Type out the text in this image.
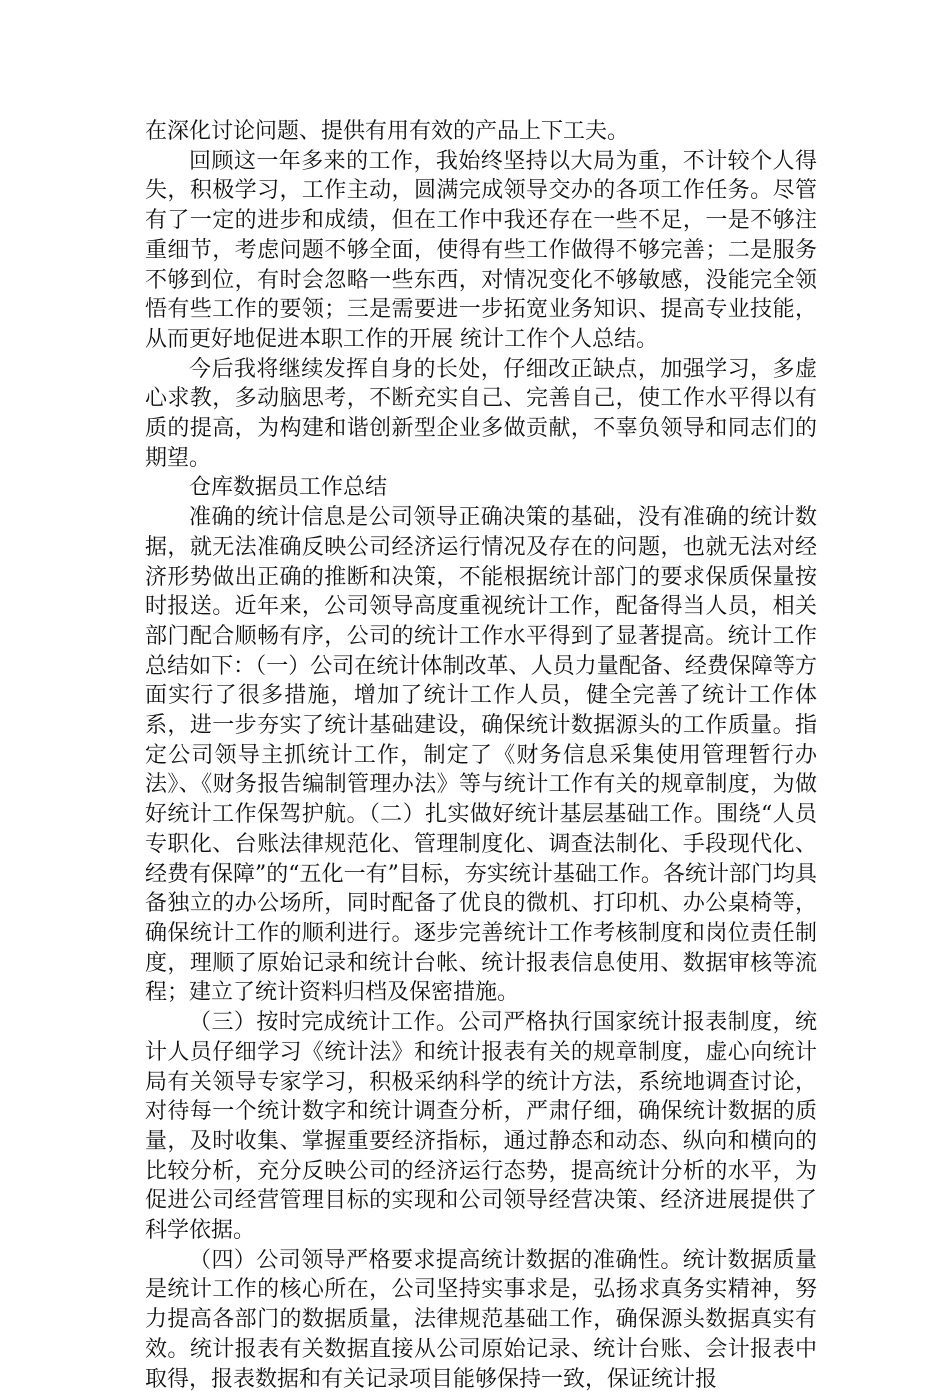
在深化讨论问题、提供有用有效的产品上下工夫。

回顾这一年多来的工作，我始终坚持以大局为重，不计较个人得失，积极学习，工作主动，圆满完成领导交办的各项工作任务。尽管有了一定的进步和成绩，但在工作中我还存在一些不足，一是不够注重细节，考虑问题不够全面，使得有些工作做得不够完善；二是服务不够到位，有时会忽略一些东西，对情况变化不够敏感，没能完全领悟有些工作的要领；三是需要进一步拓宽业务知识、提高专业技能，从而更好地促进本职工作的开展 统计工作个人总结。

今后我将继续发挥自身的长处，仔细改正缺点，加强学习，多虚心求教，多动脑思考，不断充实自己、完善自己，使工作水平得以有质的提高，为构建和谐创新型企业多做贡献，不辜负领导和同志们的期望。

仓库数据员工作总结

准确的统计信息是公司领导正确决策的基础，没有准确的统计数据，就无法准确反映公司经济运行情况及存在的问题，也就无法对经济形势做出正确的推断和决策，不能根据统计部门的要求保质保量按时报送。近年来，公司领导高度重视统计工作，配备得当人员，相关部门配合顺畅有序，公司的统计工作水平得到了显著提高。统计工作总结如下：（一）公司在统计体制改革、人员力量配备、经费保障等方面实行了很多措施，增加了统计工作人员，健全完善了统计工作体系，进一步夯实了统计基础建设，确保统计数据源头的工作质量。指定公司领导主抓统计工作，制定了《财务信息采集使用管理暂行办法》、《财务报告编制管理办法》等与统计工作有关的规章制度，为做好统计工作保驾护航。（二）扎实做好统计基层基础工作。围绕“人员专职化、台账法律规范化、管理制度化、调查法制化、手段现代化、经费有保障”的“五化一有”目标，夯实统计基础工作。各统计部门均具备独立的办公场所，同时配备了优良的微机、打印机、办公桌椅等，确保统计工作的顺利进行。逐步完善统计工作考核制度和岗位责任制度，理顺了原始记录和统计台帐、统计报表信息使用、数据审核等流程；建立了统计资料归档及保密措施。

（三）按时完成统计工作。公司严格执行国家统计报表制度，统计人员仔细学习《统计法》和统计报表有关的规章制度，虚心向统计局有关领导专家学习，积极采纳科学的统计方法，系统地调查讨论，对待每一个统计数字和统计调查分析，严肃仔细，确保统计数据的质量，及时收集、掌握重要经济指标，通过静态和动态、纵向和横向的比较分析，充分反映公司的经济运行态势，提高统计分析的水平，为促进公司经营管理目标的实现和公司领导经营决策、经济进展提供了科学依据。

（四）公司领导严格要求提高统计数据的准确性。统计数据质量是统计工作的核心所在，公司坚持实事求是，弘扬求真务实精神，努力提高各部门的数据质量，法律规范基础工作，确保源头数据真实有效。统计报表有关数据直接从公司原始记录、统计台账、会计报表中取得，报表数据和有关记录项目能够保持一致，保证统计报
